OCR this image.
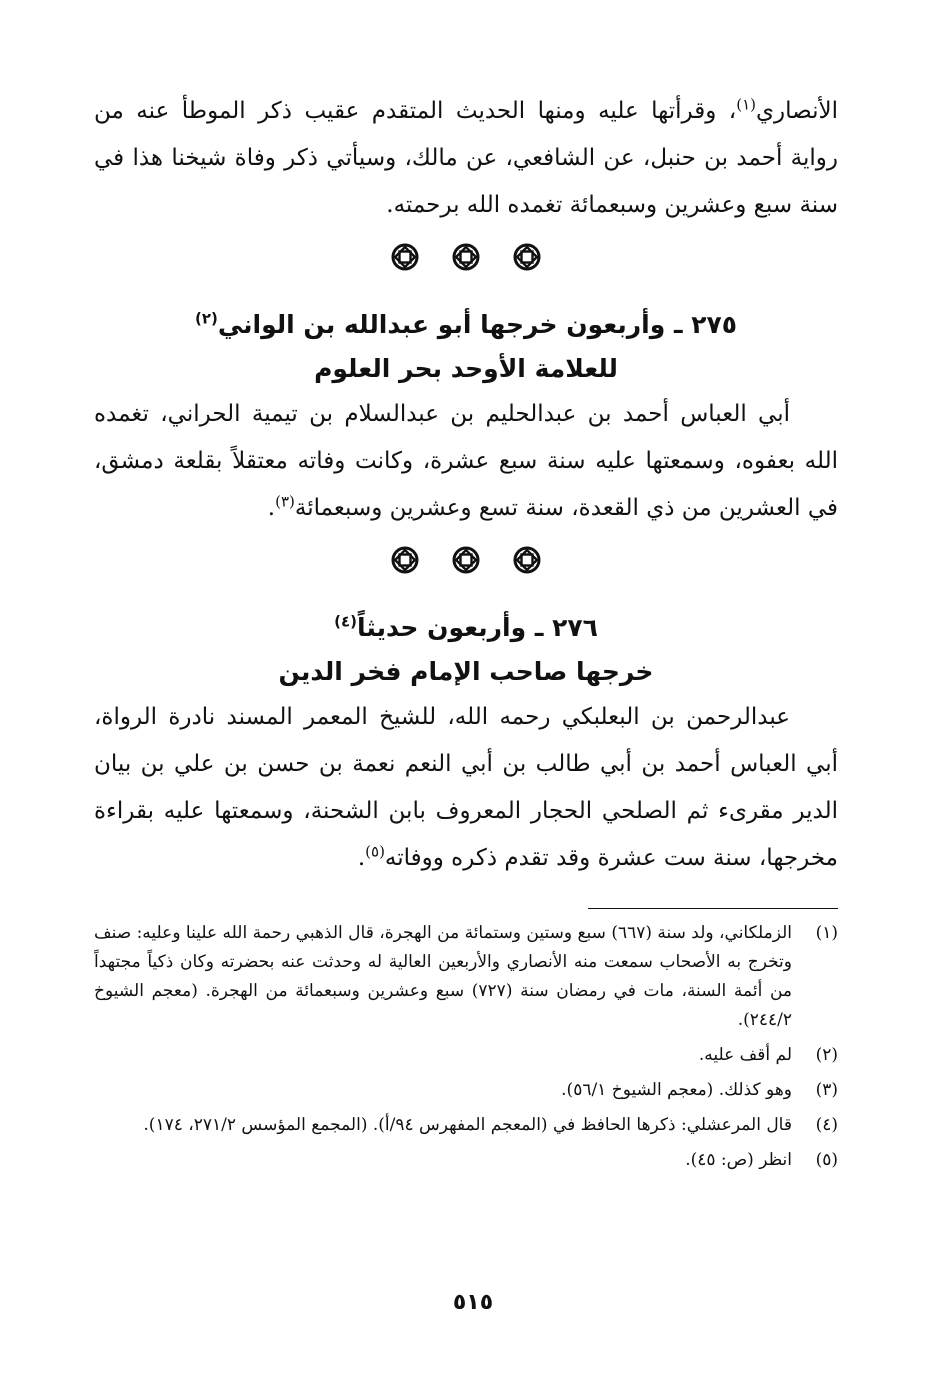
الأنصاري$^{(١)}$، وقرأتها عليه ومنها الحديث المتقدم عقيب ذكر الموطأ عنه من رواية أحمد بن حنبل، عن الشافعي، عن مالك، وسيأتي ذكر وفاة شيخنا هذا في سنة سبع وعشرين وسبعمائة تغمده الله برحمته.

٢٧٥ ـ وأربعون خرجها أبو عبدالله بن الواني$^{(٢)}$
للعلامة الأوحد بحر العلوم

أبي العباس أحمد بن عبدالحليم بن عبدالسلام بن تيمية الحراني، تغمده الله بعفوه، وسمعتها عليه سنة سبع عشرة، وكانت وفاته معتقلاً بقلعة دمشق، في العشرين من ذي القعدة، سنة تسع وعشرين وسبعمائة$^{(٣)}$.

٢٧٦ ـ وأربعون حديثاً$^{(٤)}$
خرجها صاحب الإمام فخر الدين

عبدالرحمن بن البعلبكي رحمه الله، للشيخ المعمر المسند نادرة الرواة، أبي العباس أحمد بن أبي طالب بن أبي النعم نعمة بن حسن بن علي بن بيان الدير مقرىء ثم الصلحي الحجار المعروف بابن الشحنة، وسمعتها عليه بقراءة مخرجها، سنة ست عشرة وقد تقدم ذكره ووفاته$^{(٥)}$.

(١)
الزملكاني، ولد سنة (٦٦٧) سبع وستين وستمائة من الهجرة، قال الذهبي رحمة الله علينا وعليه: صنف وتخرج به الأصحاب سمعت منه الأنصاري والأربعين العالية له وحدثت عنه بحضرته وكان ذكياً مجتهداً من أئمة السنة، مات في رمضان سنة (٧٢٧) سبع وعشرين وسبعمائة من الهجرة. (معجم الشيوخ ٢٤٤/٢).
(٢)
لم أقف عليه.
(٣)
وهو كذلك. (معجم الشيوخ ٥٦/١).
(٤)
قال المرعشلي: ذكرها الحافظ في (المعجم المفهرس ٩٤/أ). (المجمع المؤسس ٢٧١/٢، ١٧٤).
(٥)
انظر (ص: ٤٥).
٥١٥
